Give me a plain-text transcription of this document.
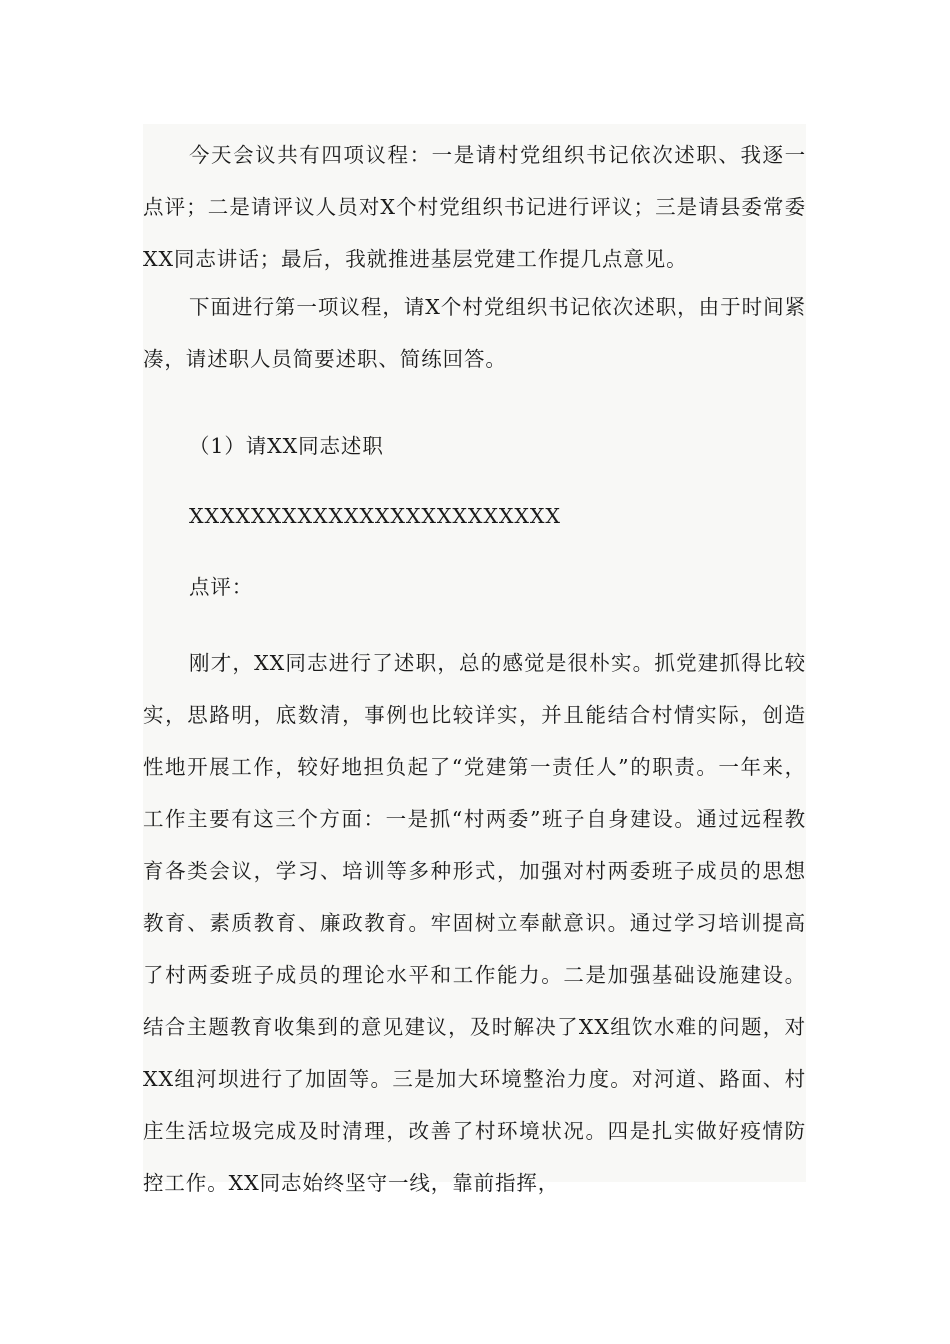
今天会议共有四项议程：一是请村党组织书记依次述职、我逐一点评；二是请评议人员对X个村党组织书记进行评议；三是请县委常委XX同志讲话；最后，我就推进基层党建工作提几点意见。

下面进行第一项议程，请X个村党组织书记依次述职，由于时间紧凑，请述职人员简要述职、简练回答。

（1）请XX同志述职

XXXXXXXXXXXXXXXXXXXXXXXX

点评：

刚才，XX同志进行了述职，总的感觉是很朴实。抓党建抓得比较实，思路明，底数清，事例也比较详实，并且能结合村情实际，创造性地开展工作，较好地担负起了“党建第一责任人”的职责。一年来，工作主要有这三个方面：一是抓“村两委”班子自身建设。通过远程教育各类会议，学习、培训等多种形式，加强对村两委班子成员的思想教育、素质教育、廉政教育。牢固树立奉献意识。通过学习培训提高了村两委班子成员的理论水平和工作能力。二是加强基础设施建设。结合主题教育收集到的意见建议，及时解决了XX组饮水难的问题，对XX组河坝进行了加固等。三是加大环境整治力度。对河道、路面、村庄生活垃圾完成及时清理，改善了村环境状况。四是扎实做好疫情防控工作。XX同志始终坚守一线，靠前指挥，
